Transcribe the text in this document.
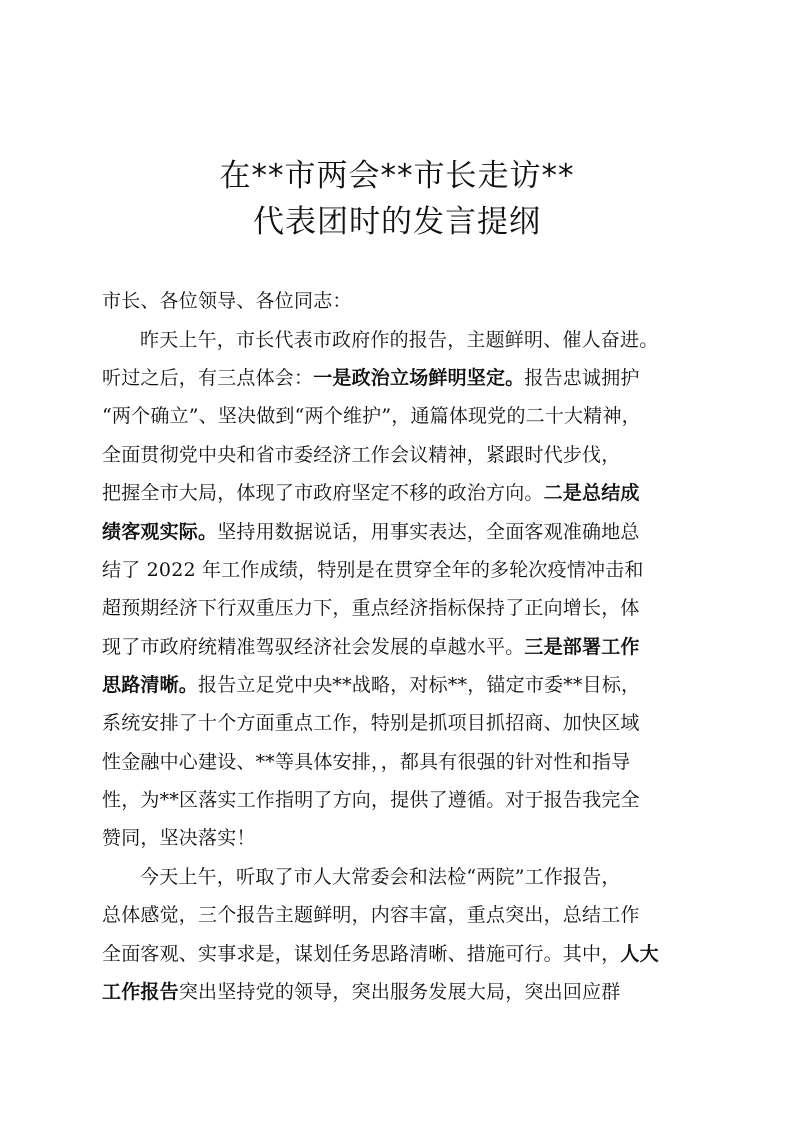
在**市两会**市长走访**
代表团时的发言提纲
市长、各位领导、各位同志：
昨天上午，市长代表市政府作的报告，主题鲜明、催人奋进。
听过之后，有三点体会：一是政治立场鲜明坚定。报告忠诚拥护
“两个确立”、坚决做到“两个维护”，通篇体现党的二十大精神，
全面贯彻党中央和省市委经济工作会议精神，紧跟时代步伐，
把握全市大局，体现了市政府坚定不移的政治方向。二是总结成
绩客观实际。坚持用数据说话，用事实表达，全面客观准确地总
结了 2022 年工作成绩，特别是在贯穿全年的多轮次疫情冲击和
超预期经济下行双重压力下，重点经济指标保持了正向增长，体
现了市政府统精准驾驭经济社会发展的卓越水平。三是部署工作
思路清晰。报告立足党中央**战略，对标**，锚定市委**目标，
系统安排了十个方面重点工作，特别是抓项目抓招商、加快区域
性金融中心建设、**等具体安排，，都具有很强的针对性和指导
性，为**区落实工作指明了方向，提供了遵循。对于报告我完全
赞同，坚决落实！
今天上午，听取了市人大常委会和法检“两院”工作报告，
总体感觉，三个报告主题鲜明，内容丰富，重点突出，总结工作
全面客观、实事求是，谋划任务思路清晰、措施可行。其中，人大
工作报告突出坚持党的领导，突出服务发展大局，突出回应群
